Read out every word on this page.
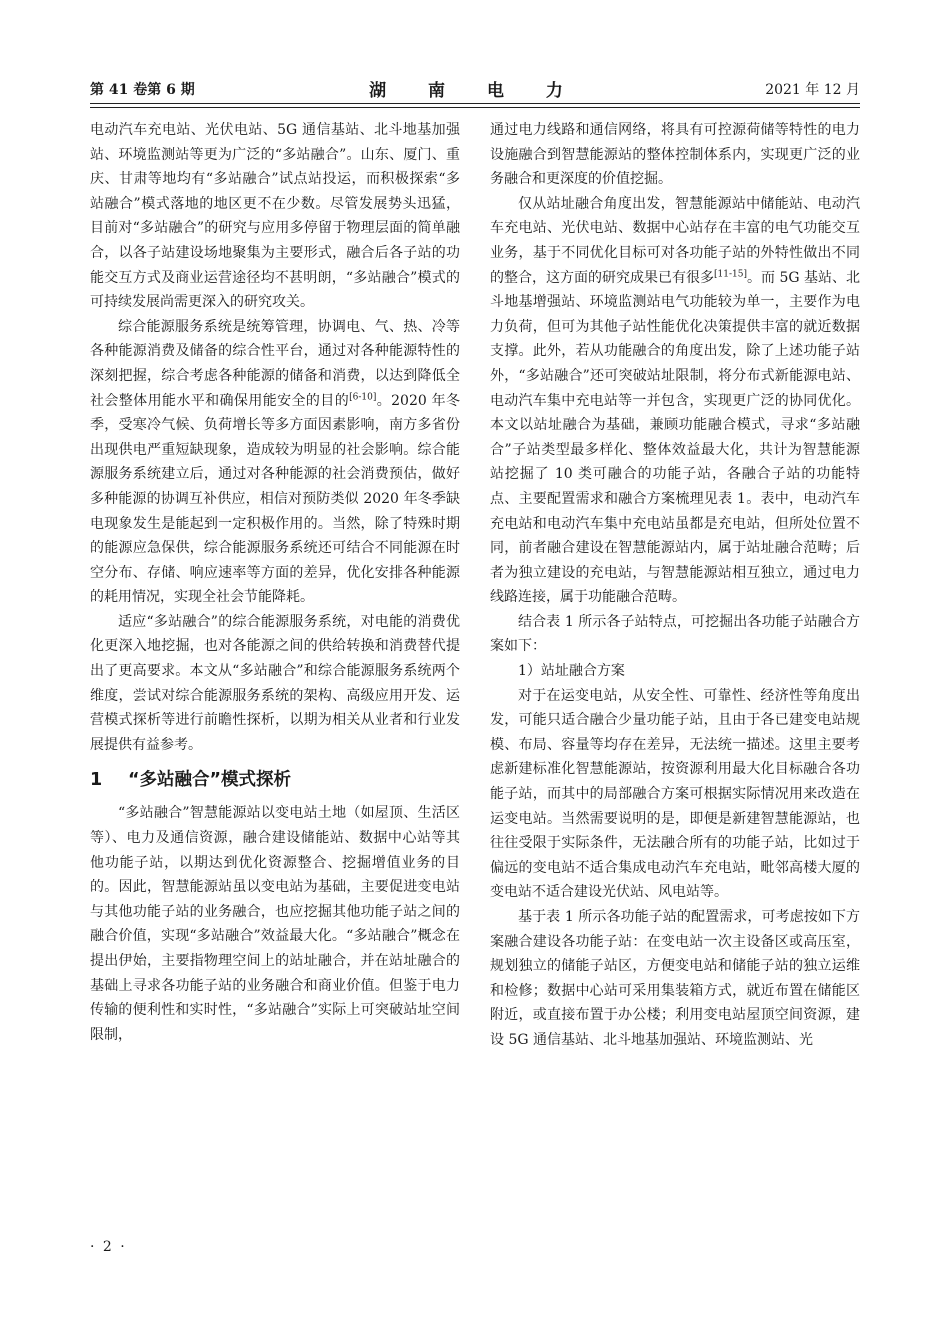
第 41 卷第 6 期	湖 南 电 力	2021 年 12 月

电动汽车充电站、光伏电站、5G 通信基站、北斗地基加强站、环境监测站等更为广泛的“多站融合”。山东、厦门、重庆、甘肃等地均有“多站融合”试点站投运，而积极探索“多站融合”模式落地的地区更不在少数。尽管发展势头迅猛，目前对“多站融合”的研究与应用多停留于物理层面的简单融合，以各子站建设场地聚集为主要形式，融合后各子站的功能交互方式及商业运营途径均不甚明朗，“多站融合”模式的可持续发展尚需更深入的研究攻关。

综合能源服务系统是统筹管理，协调电、气、热、冷等各种能源消费及储备的综合性平台，通过对各种能源特性的深刻把握，综合考虑各种能源的储备和消费，以达到降低全社会整体用能水平和确保用能安全的目的[6-10]。2020 年冬季，受寒冷气候、负荷增长等多方面因素影响，南方多省份出现供电严重短缺现象，造成较为明显的社会影响。综合能源服务系统建立后，通过对各种能源的社会消费预估，做好多种能源的协调互补供应，相信对预防类似 2020 年冬季缺电现象发生是能起到一定积极作用的。当然，除了特殊时期的能源应急保供，综合能源服务系统还可结合不同能源在时空分布、存储、响应速率等方面的差异，优化安排各种能源的耗用情况，实现全社会节能降耗。

适应“多站融合”的综合能源服务系统，对电能的消费优化更深入地挖掘，也对各能源之间的供给转换和消费替代提出了更高要求。本文从“多站融合”和综合能源服务系统两个维度，尝试对综合能源服务系统的架构、高级应用开发、运营模式探析等进行前瞻性探析，以期为相关从业者和行业发展提供有益参考。

1 “多站融合”模式探析

“多站融合”智慧能源站以变电站土地（如屋顶、生活区等）、电力及通信资源，融合建设储能站、数据中心站等其他功能子站，以期达到优化资源整合、挖掘增值业务的目的。因此，智慧能源站虽以变电站为基础，主要促进变电站与其他功能子站的业务融合，也应挖掘其他功能子站之间的融合价值，实现“多站融合”效益最大化。“多站融合”概念在提出伊始，主要指物理空间上的站址融合，并在站址融合的基础上寻求各功能子站的业务融合和商业价值。但鉴于电力传输的便利性和实时性，“多站融合”实际上可突破站址空间限制，

通过电力线路和通信网络，将具有可控源荷储等特性的电力设施融合到智慧能源站的整体控制体系内，实现更广泛的业务融合和更深度的价值挖掘。

仅从站址融合角度出发，智慧能源站中储能站、电动汽车充电站、光伏电站、数据中心站存在丰富的电气功能交互业务，基于不同优化目标可对各功能子站的外特性做出不同的整合，这方面的研究成果已有很多[11-15]。而 5G 基站、北斗地基增强站、环境监测站电气功能较为单一，主要作为电力负荷，但可为其他子站性能优化决策提供丰富的就近数据支撑。此外，若从功能融合的角度出发，除了上述功能子站外，“多站融合”还可突破站址限制，将分布式新能源电站、电动汽车集中充电站等一并包含，实现更广泛的协同优化。本文以站址融合为基础，兼顾功能融合模式，寻求“多站融合”子站类型最多样化、整体效益最大化，共计为智慧能源站挖掘了 10 类可融合的功能子站，各融合子站的功能特点、主要配置需求和融合方案梳理见表 1。表中，电动汽车充电站和电动汽车集中充电站虽都是充电站，但所处位置不同，前者融合建设在智慧能源站内，属于站址融合范畴；后者为独立建设的充电站，与智慧能源站相互独立，通过电力线路连接，属于功能融合范畴。

结合表 1 所示各子站特点，可挖掘出各功能子站融合方案如下：

1）站址融合方案

对于在运变电站，从安全性、可靠性、经济性等角度出发，可能只适合融合少量功能子站，且由于各已建变电站规模、布局、容量等均存在差异，无法统一描述。这里主要考虑新建标准化智慧能源站，按资源利用最大化目标融合各功能子站，而其中的局部融合方案可根据实际情况用来改造在运变电站。当然需要说明的是，即便是新建智慧能源站，也往往受限于实际条件，无法融合所有的功能子站，比如过于偏远的变电站不适合集成电动汽车充电站，毗邻高楼大厦的变电站不适合建设光伏站、风电站等。

基于表 1 所示各功能子站的配置需求，可考虑按如下方案融合建设各功能子站：在变电站一次主设备区或高压室，规划独立的储能子站区，方便变电站和储能子站的独立运维和检修；数据中心站可采用集装箱方式，就近布置在储能区附近，或直接布置于办公楼；利用变电站屋顶空间资源，建设 5G 通信基站、北斗地基加强站、环境监测站、光

· 2 ·
